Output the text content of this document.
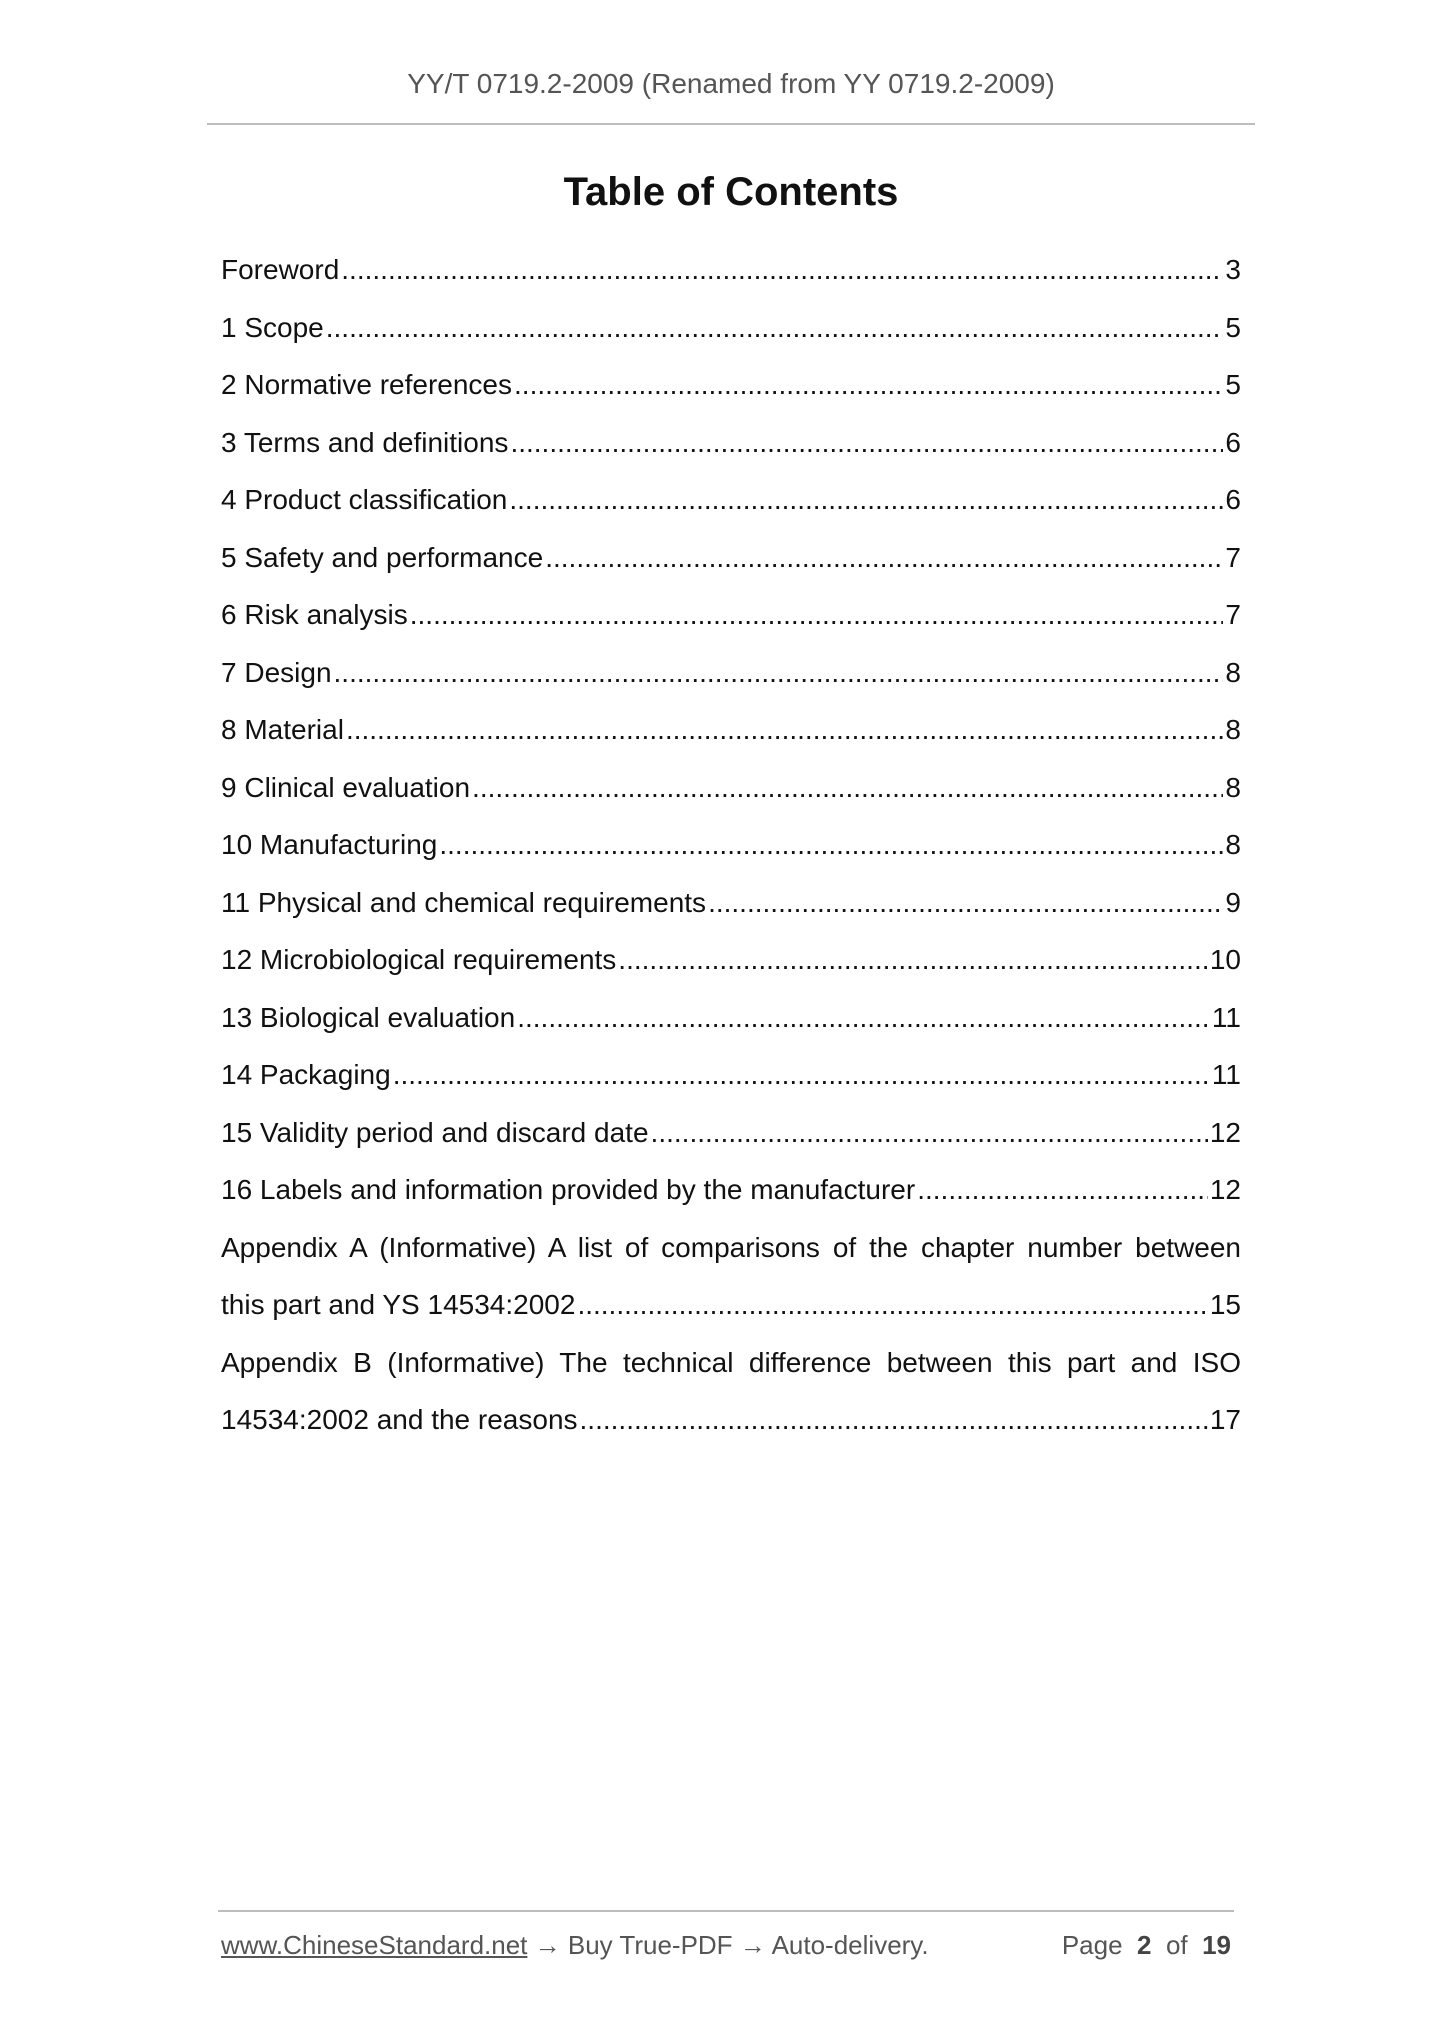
YY/T 0719.2-2009 (Renamed from YY 0719.2-2009)
Table of Contents
Foreword .....	3
1 Scope .....	5
2 Normative references .....	5
3 Terms and definitions .....	6
4 Product classification .....	6
5 Safety and performance .....	7
6 Risk analysis .....	7
7 Design .....	8
8 Material .....	8
9 Clinical evaluation .....	8
10 Manufacturing .....	8
11 Physical and chemical requirements .....	9
12 Microbiological requirements .....	10
13 Biological evaluation .....	11
14 Packaging .....	11
15 Validity period and discard date .....	12
16 Labels and information provided by the manufacturer .....	12
Appendix A (Informative) A list of comparisons of the chapter number between
this part and YS 14534:2002 .....	15
Appendix B (Informative) The technical difference between this part and ISO
14534:2002 and the reasons .....	17
www.ChineseStandard.net → Buy True-PDF → Auto-delivery.	Page 2 of 19
